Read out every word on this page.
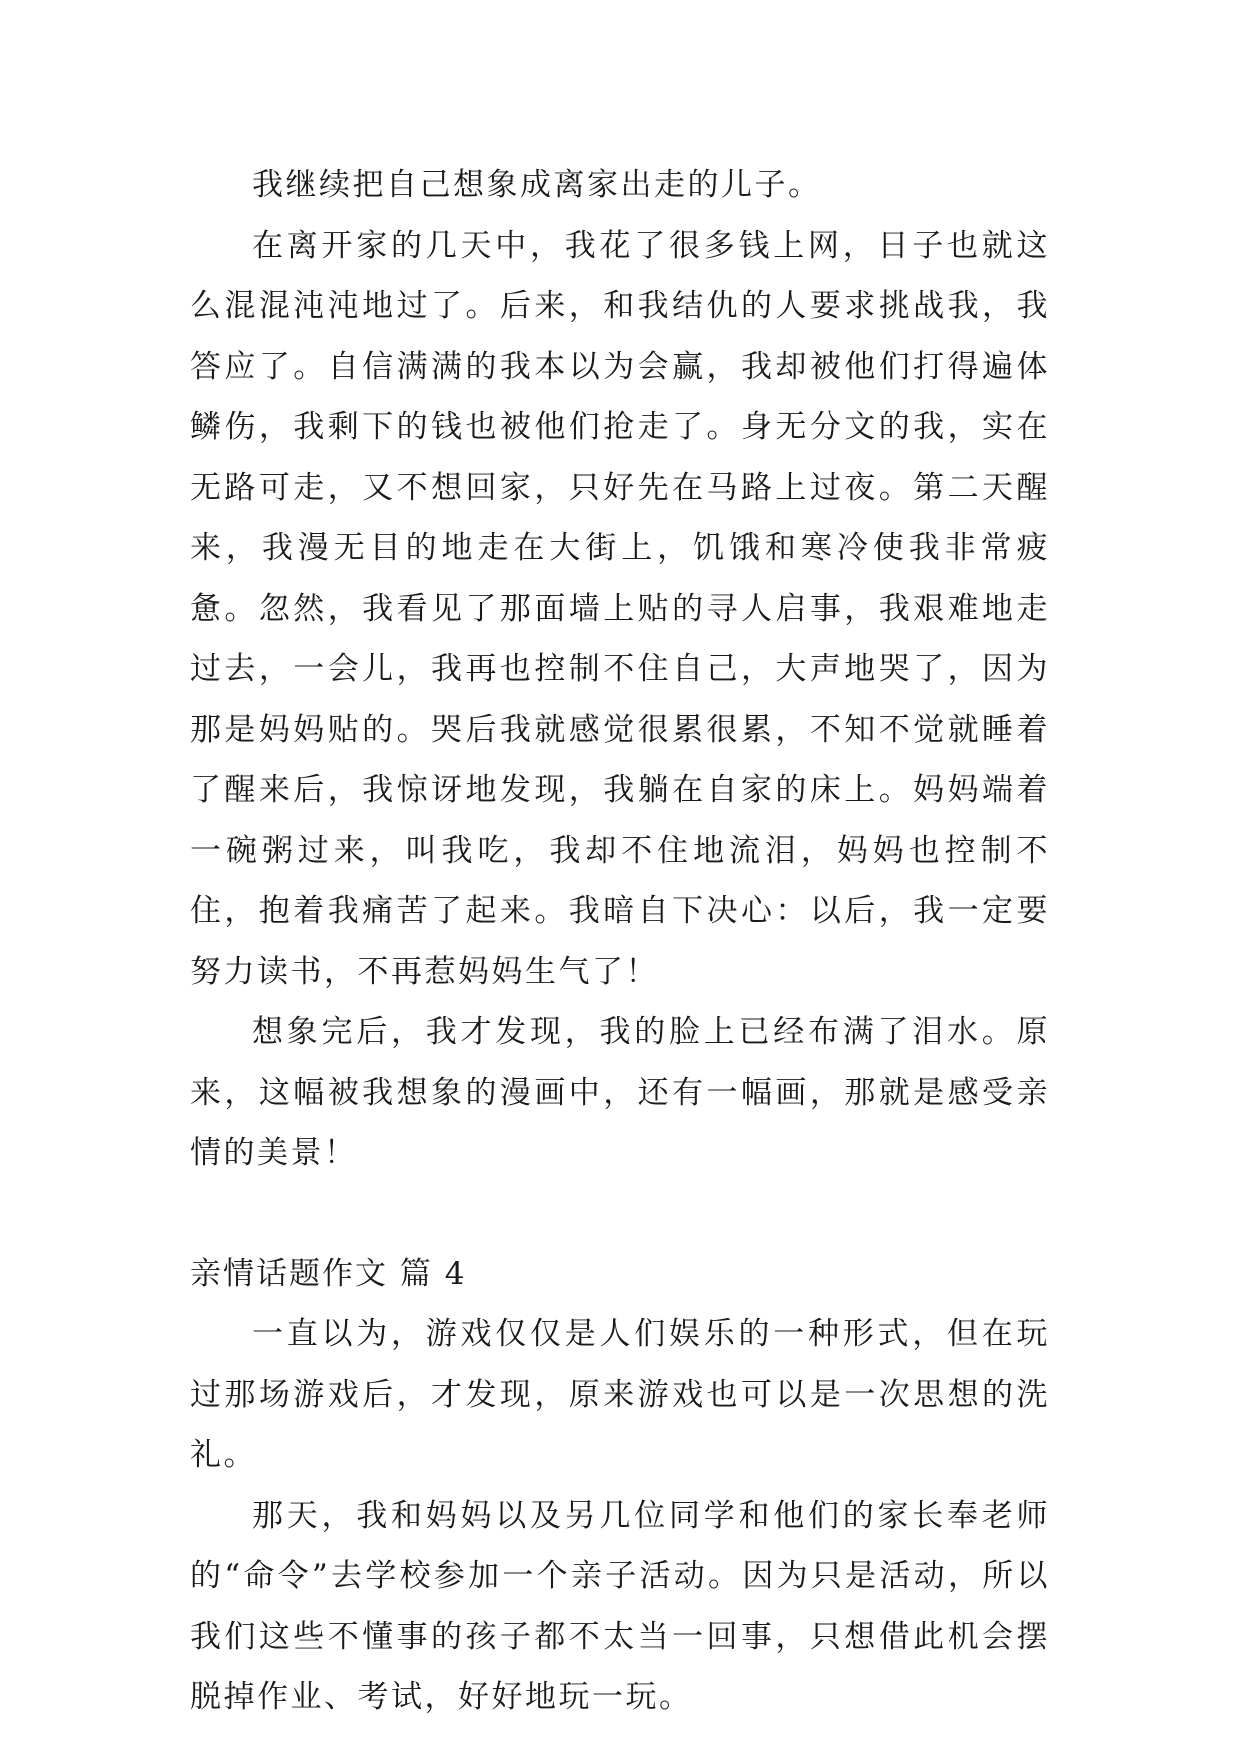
我继续把自己想象成离家出走的儿子。

在离开家的几天中，我花了很多钱上网，日子也就这么混混沌沌地过了。后来，和我结仇的人要求挑战我，我答应了。自信满满的我本以为会赢，我却被他们打得遍体鳞伤，我剩下的钱也被他们抢走了。身无分文的我，实在无路可走，又不想回家，只好先在马路上过夜。第二天醒来，我漫无目的地走在大街上，饥饿和寒冷使我非常疲惫。忽然，我看见了那面墙上贴的寻人启事，我艰难地走过去，一会儿，我再也控制不住自己，大声地哭了，因为那是妈妈贴的。哭后我就感觉很累很累，不知不觉就睡着了醒来后，我惊讶地发现，我躺在自家的床上。妈妈端着一碗粥过来，叫我吃，我却不住地流泪，妈妈也控制不住，抱着我痛苦了起来。我暗自下决心：以后，我一定要努力读书，不再惹妈妈生气了！

想象完后，我才发现，我的脸上已经布满了泪水。原来，这幅被我想象的漫画中，还有一幅画，那就是感受亲情的美景！

亲情话题作文 篇 4

一直以为，游戏仅仅是人们娱乐的一种形式，但在玩过那场游戏后，才发现，原来游戏也可以是一次思想的洗礼。

那天，我和妈妈以及另几位同学和他们的家长奉老师的“命令”去学校参加一个亲子活动。因为只是活动，所以我们这些不懂事的孩子都不太当一回事，只想借此机会摆脱掉作业、考试，好好地玩一玩。
